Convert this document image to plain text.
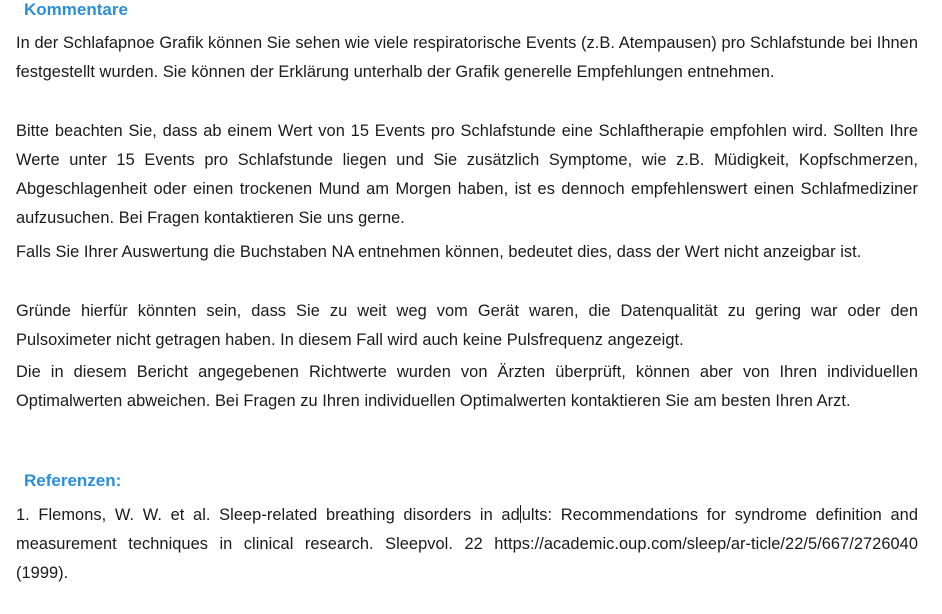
Kommentare

In der Schlafapnoe Grafik können Sie sehen wie viele respiratorische Events (z.B. Atempausen) pro Schlafstunde bei Ihnen festgestellt wurden. Sie können der Erklärung unterhalb der Grafik generelle Empfehlungen entnehmen.

Bitte beachten Sie, dass ab einem Wert von 15 Events pro Schlafstunde eine Schlaftherapie empfohlen wird. Sollten Ihre Werte unter 15 Events pro Schlafstunde liegen und Sie zusätzlich Symptome, wie z.B. Müdigkeit, Kopfschmerzen, Abgeschlagenheit oder einen trockenen Mund am Morgen haben, ist es dennoch empfehlenswert einen Schlafmediziner aufzusuchen. Bei Fragen kontaktieren Sie uns gerne.

Falls Sie Ihrer Auswertung die Buchstaben NA entnehmen können, bedeutet dies, dass der Wert nicht anzeigbar ist.

Gründe hierfür könnten sein, dass Sie zu weit weg vom Gerät waren, die Datenqualität zu gering war oder den Pulsoximeter nicht getragen haben. In diesem Fall wird auch keine Pulsfrequenz angezeigt.

Die in diesem Bericht angegebenen Richtwerte wurden von Ärzten überprüft, können aber von Ihren individuellen Optimalwerten abweichen. Bei Fragen zu Ihren individuellen Optimalwerten kontaktieren Sie am besten Ihren Arzt.

Referenzen:

1. Flemons, W. W. et al. Sleep-related breathing disorders in ad ults: Recommendations for syndrome definition and measurement techniques in clinical research. Sleepvol. 22 https://academic.oup.com/sleep/ar-ticle/22/5/667/2726040 (1999).
